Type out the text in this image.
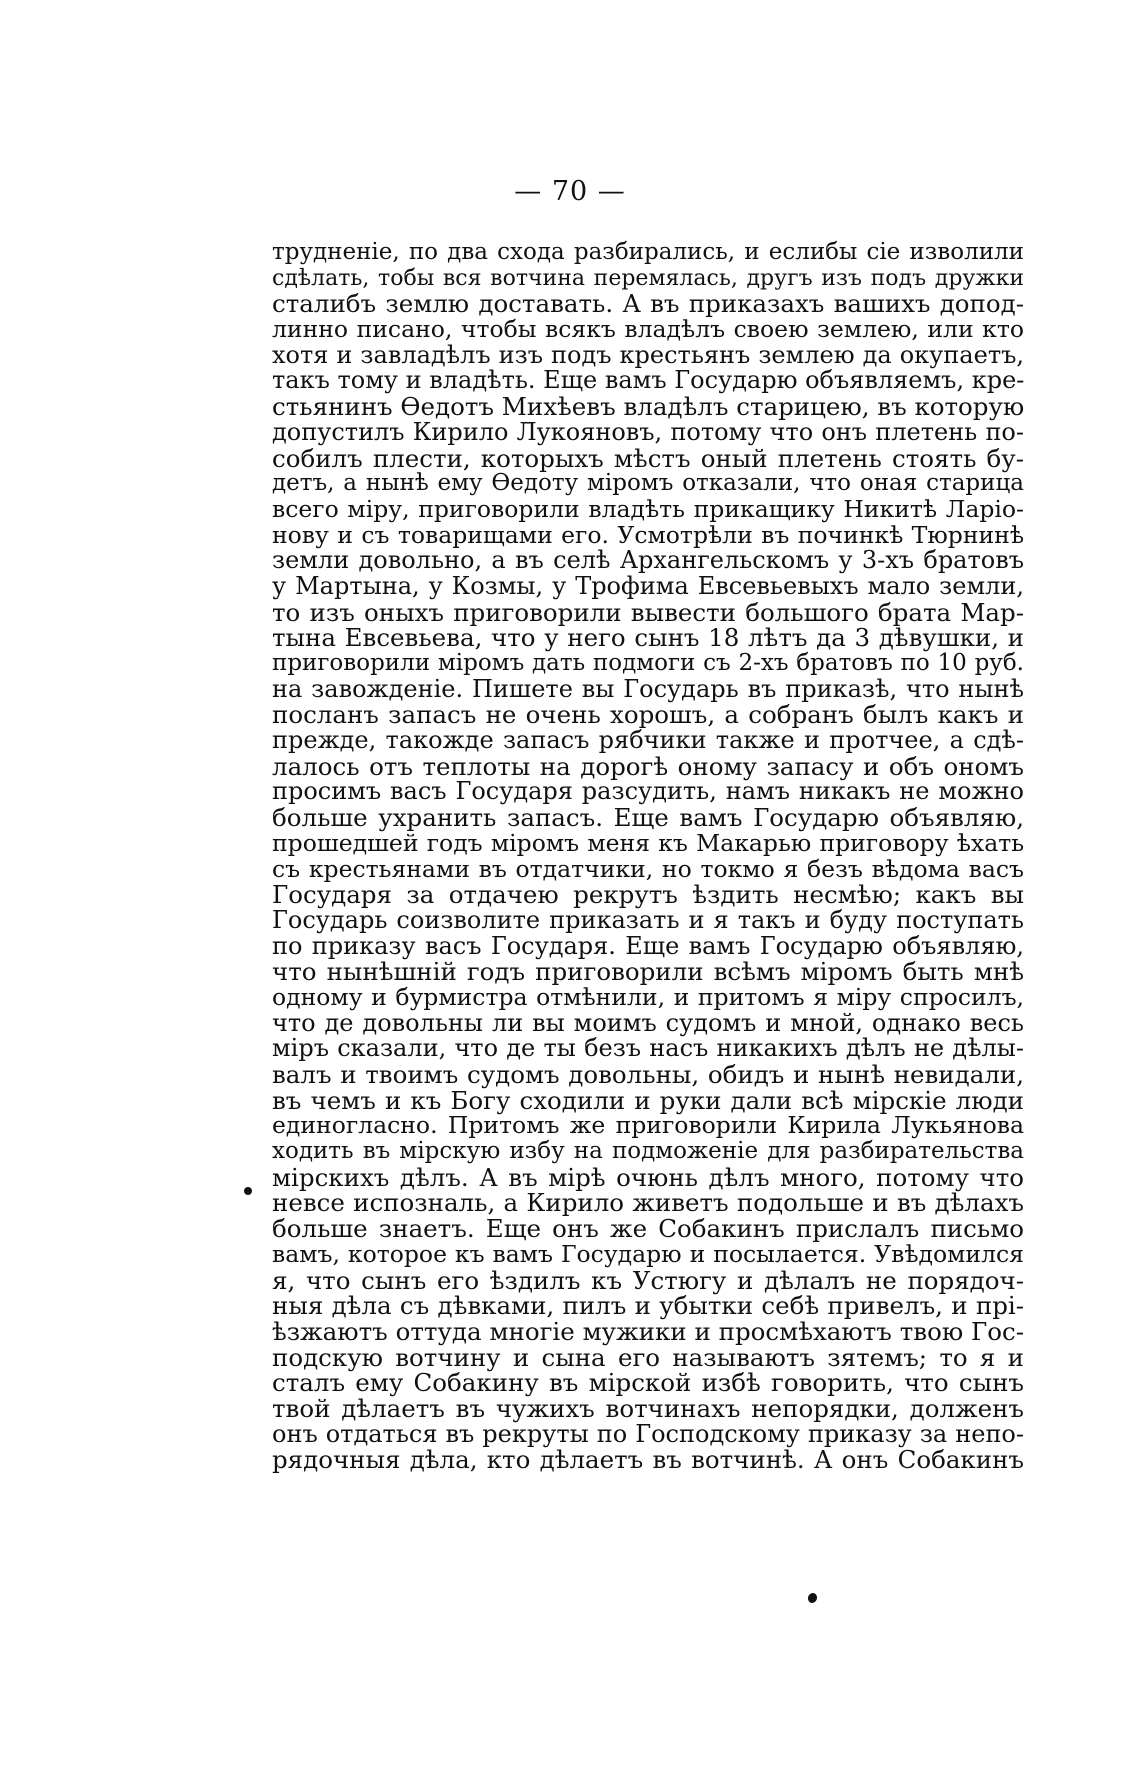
— 70 —
трудненіе, по два схода разбирались, и еслибы сіе изволили
сдѣлать, тобы вся вотчина перемялась, другъ изъ подъ дружки
сталибъ землю доставать. А въ приказахъ вашихъ допод-
линно писано, чтобы всякъ владѣлъ своею землею, или кто
хотя и завладѣлъ изъ подъ крестьянъ землею да окупаетъ,
такъ тому и владѣть. Еще вамъ Государю объявляемъ, кре-
стьянинъ Ѳедотъ Михѣевъ владѣлъ старицею, въ которую
допустилъ Кирило Лукояновъ, потому что онъ плетень по-
собилъ плести, которыхъ мѣстъ оный плетень стоять бу-
детъ, а нынѣ ему Ѳедоту міромъ отказали, что оная старица
всего міру, приговорили владѣть прикащику Никитѣ Ларіо-
нову и съ товарищами его. Усмотрѣли въ починкѣ Тюрнинѣ
земли довольно, а въ селѣ Архангельскомъ у 3-хъ братовъ
у Мартына, у Козмы, у Трофима Евсевьевыхъ мало земли,
то изъ оныхъ приговорили вывести большого брата Мар-
тына Евсевьева, что у него сынъ 18 лѣтъ да 3 дѣвушки, и
приговорили міромъ дать подмоги съ 2-хъ братовъ по 10 руб.
на завожденіе. Пишете вы Государь въ приказѣ, что нынѣ
посланъ запасъ не очень хорошъ, а собранъ былъ какъ и
прежде, такожде запасъ рябчики также и протчее, а сдѣ-
лалось отъ теплоты на дорогѣ оному запасу и объ ономъ
просимъ васъ Государя разсудить, намъ никакъ не можно
больше ухранить запасъ. Еще вамъ Государю объявляю,
прошедшей годъ міромъ меня къ Макарью приговору ѣхать
съ крестьянами въ отдатчики, но токмо я безъ вѣдома васъ
Государя за отдачею рекрутъ ѣздить несмѣю; какъ вы
Государь соизволите приказать и я такъ и буду поступать
по приказу васъ Государя. Еще вамъ Государю объявляю,
что нынѣшній годъ приговорили всѣмъ міромъ быть мнѣ
одному и бурмистра отмѣнили, и притомъ я міру спросилъ,
что де довольны ли вы моимъ судомъ и мной, однако весь
міръ сказали, что де ты безъ насъ никакихъ дѣлъ не дѣлы-
валъ и твоимъ судомъ довольны, обидъ и нынѣ невидали,
въ чемъ и къ Богу сходили и руки дали всѣ мірскіе люди
единогласно. Притомъ же приговорили Кирила Лукьянова
ходить въ мірскую избу на подможеніе для разбирательства
мірскихъ дѣлъ. А въ мірѣ очюнь дѣлъ много, потому что
невсе испозналь, а Кирило живетъ подольше и въ дѣлахъ
больше знаетъ. Еще онъ же Собакинъ прислалъ письмо
вамъ, которое къ вамъ Государю и посылается. Увѣдомился
я, что сынъ его ѣздилъ къ Устюгу и дѣлалъ не порядоч-
ныя дѣла съ дѣвками, пилъ и убытки себѣ привелъ, и прі-
ѣзжаютъ оттуда многіе мужики и просмѣхаютъ твою Гос-
подскую вотчину и сына его называютъ зятемъ; то я и
сталъ ему Собакину въ мірской избѣ говорить, что сынъ
твой дѣлаетъ въ чужихъ вотчинахъ непорядки, долженъ
онъ отдаться въ рекруты по Господскому приказу за непо-
рядочныя дѣла, кто дѣлаетъ въ вотчинѣ. А онъ Собакинъ
